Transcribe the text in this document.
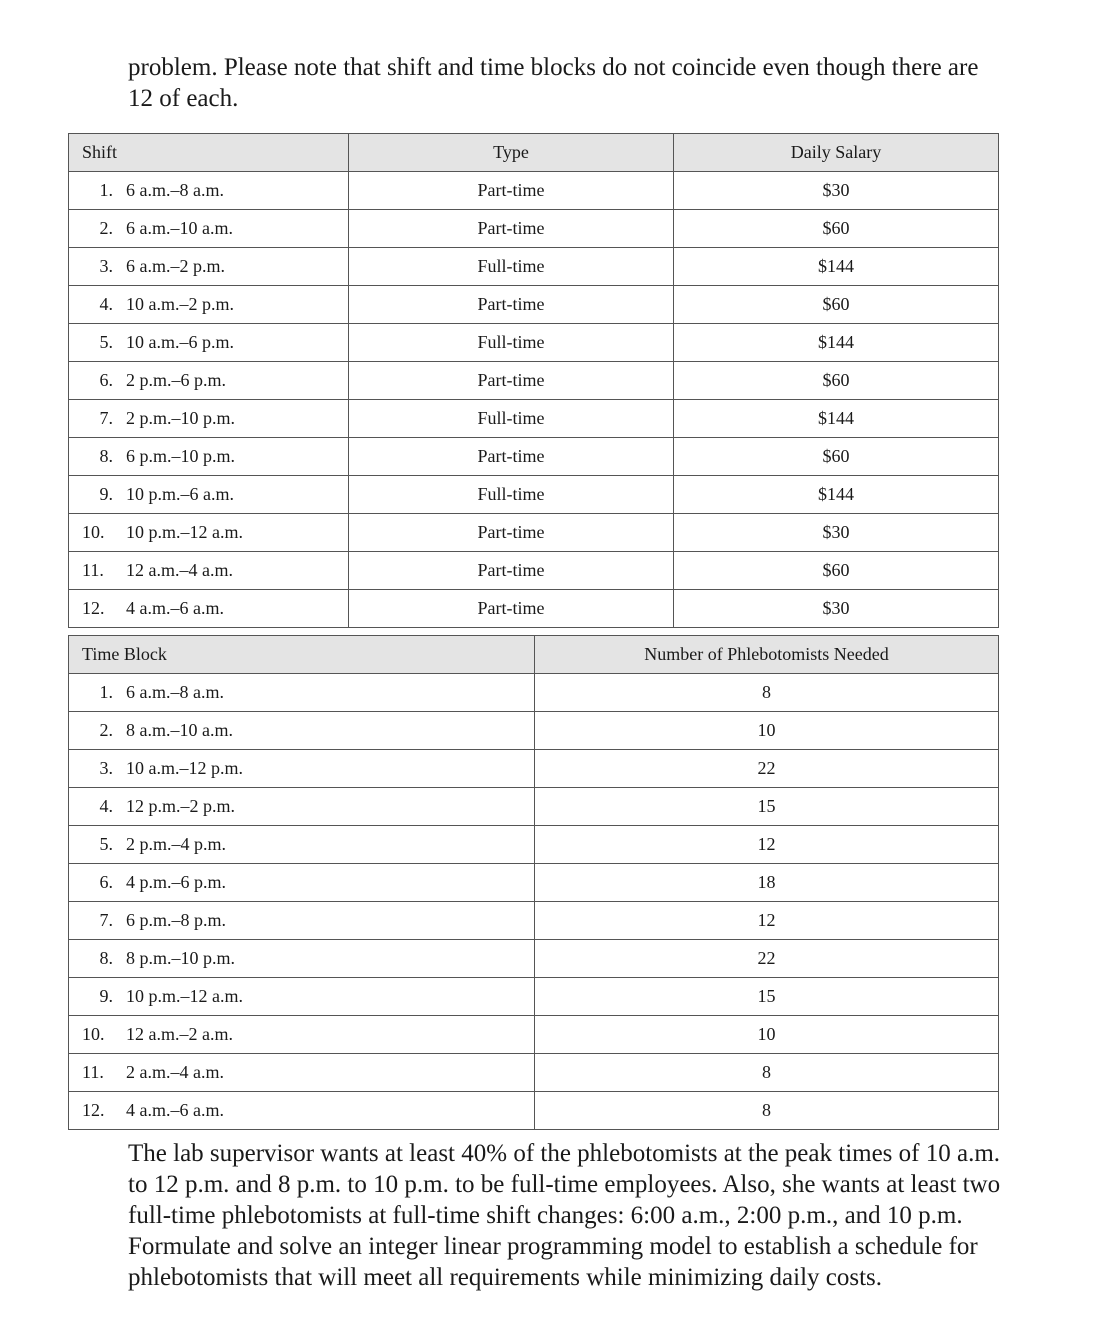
problem. Please note that shift and time blocks do not coincide even though there are 12 of each.

Shift	Type	Daily Salary
1. 6 a.m.–8 a.m.	Part-time	$30
2. 6 a.m.–10 a.m.	Part-time	$60
3. 6 a.m.–2 p.m.	Full-time	$144
4. 10 a.m.–2 p.m.	Part-time	$60
5. 10 a.m.–6 p.m.	Full-time	$144
6. 2 p.m.–6 p.m.	Part-time	$60
7. 2 p.m.–10 p.m.	Full-time	$144
8. 6 p.m.–10 p.m.	Part-time	$60
9. 10 p.m.–6 a.m.	Full-time	$144
10. 10 p.m.–12 a.m.	Part-time	$30
11. 12 a.m.–4 a.m.	Part-time	$60
12. 4 a.m.–6 a.m.	Part-time	$30
Time Block	Number of Phlebotomists Needed
1. 6 a.m.–8 a.m.	8
2. 8 a.m.–10 a.m.	10
3. 10 a.m.–12 p.m.	22
4. 12 p.m.–2 p.m.	15
5. 2 p.m.–4 p.m.	12
6. 4 p.m.–6 p.m.	18
7. 6 p.m.–8 p.m.	12
8. 8 p.m.–10 p.m.	22
9. 10 p.m.–12 a.m.	15
10. 12 a.m.–2 a.m.	10
11. 2 a.m.–4 a.m.	8
12. 4 a.m.–6 a.m.	8

The lab supervisor wants at least 40% of the phlebotomists at the peak times of 10 a.m. to 12 p.m. and 8 p.m. to 10 p.m. to be full-time employees. Also, she wants at least two full-time phlebotomists at full-time shift changes: 6:00 a.m., 2:00 p.m., and 10 p.m. Formulate and solve an integer linear programming model to establish a schedule for phlebotomists that will meet all requirements while minimizing daily costs.
